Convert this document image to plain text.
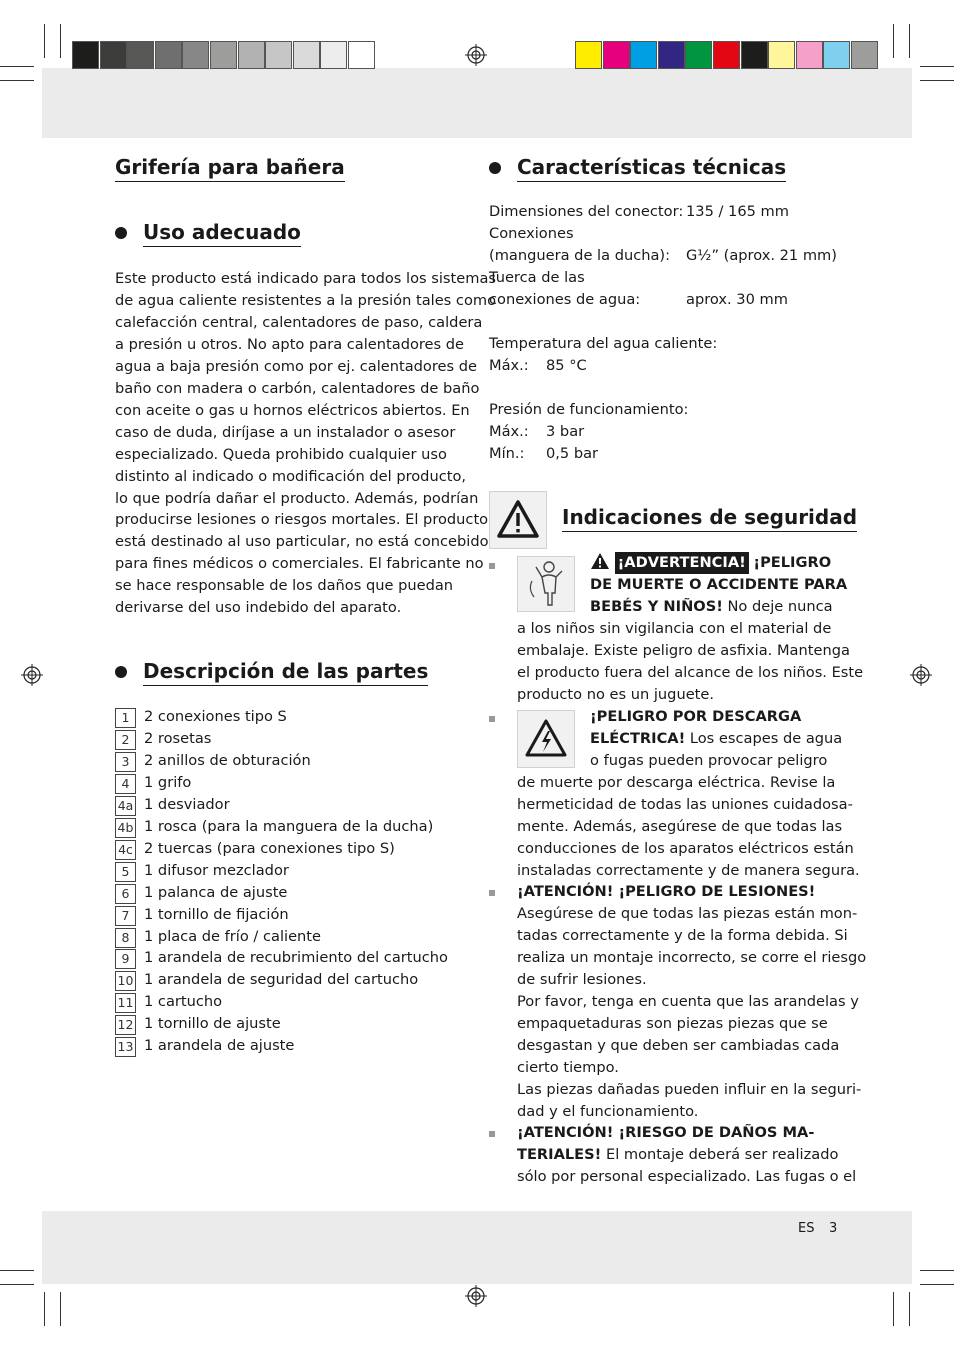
Grifería para bañera
Uso adecuado
Este producto está indicado para todos los sistemas
de agua caliente resistentes a la presión tales como
calefacción central, calentadores de paso, caldera
a presión u otros. No apto para calentadores de
agua a baja presión como por ej. calentadores de
baño con madera o carbón, calentadores de baño
con aceite o gas u hornos eléctricos abiertos. En
caso de duda, diríjase a un instalador o asesor
especializado. Queda prohibido cualquier uso
distinto al indicado o modificación del producto,
lo que podría dañar el producto. Además, podrían
producirse lesiones o riesgos mortales. El producto
está destinado al uso particular, no está concebido
para fines médicos o comerciales. El fabricante no
se hace responsable de los daños que puedan
derivarse del uso indebido del aparato.
Descripción de las partes
1 2 conexiones tipo S
2 2 rosetas
3 2 anillos de obturación
4 1 grifo
4a 1 desviador
4b 1 rosca (para la manguera de la ducha)
4c 2 tuercas (para conexiones tipo S)
5 1 difusor mezclador
6 1 palanca de ajuste
7 1 tornillo de fijación
8 1 placa de frío / caliente
9 1 arandela de recubrimiento del cartucho
10 1 arandela de seguridad del cartucho
11 1 cartucho
12 1 tornillo de ajuste
13 1 arandela de ajuste
Características técnicas
Dimensiones del conector: 135 / 165 mm
Conexiones
(manguera de la ducha): G½” (aprox. 21 mm)
Tuerca de las
conexiones de agua:	aprox. 30 mm
Temperatura del agua caliente:
Máx.: 85 °C
Presión de funcionamiento:
Máx.: 3 bar
Mín.: 0,5 bar
Indicaciones de seguridad
¡ADVERTENCIA! ¡PELIGRO
DE MUERTE O ACCIDENTE PARA
BEBÉS Y NIÑOS! No deje nunca
a los niños sin vigilancia con el material de
embalaje. Existe peligro de asfixia. Mantenga
el producto fuera del alcance de los niños. Este
producto no es un juguete.
¡PELIGRO POR DESCARGA
ELÉCTRICA! Los escapes de agua
o fugas pueden provocar peligro
de muerte por descarga eléctrica. Revise la
hermeticidad de todas las uniones cuidadosa-
mente. Además, asegúrese de que todas las
conducciones de los aparatos eléctricos están
instaladas correctamente y de manera segura.
¡ATENCIÓN! ¡PELIGRO DE LESIONES!
Asegúrese de que todas las piezas están mon-
tadas correctamente y de la forma debida. Si
realiza un montaje incorrecto, se corre el riesgo
de sufrir lesiones.
Por favor, tenga en cuenta que las arandelas y
empaquetaduras son piezas piezas que se
desgastan y que deben ser cambiadas cada
cierto tiempo.
Las piezas dañadas pueden influir en la seguri-
dad y el funcionamiento.
¡ATENCIÓN! ¡RIESGO DE DAÑOS MA-
TERIALES! El montaje deberá ser realizado
sólo por personal especializado. Las fugas o el
ES 3
